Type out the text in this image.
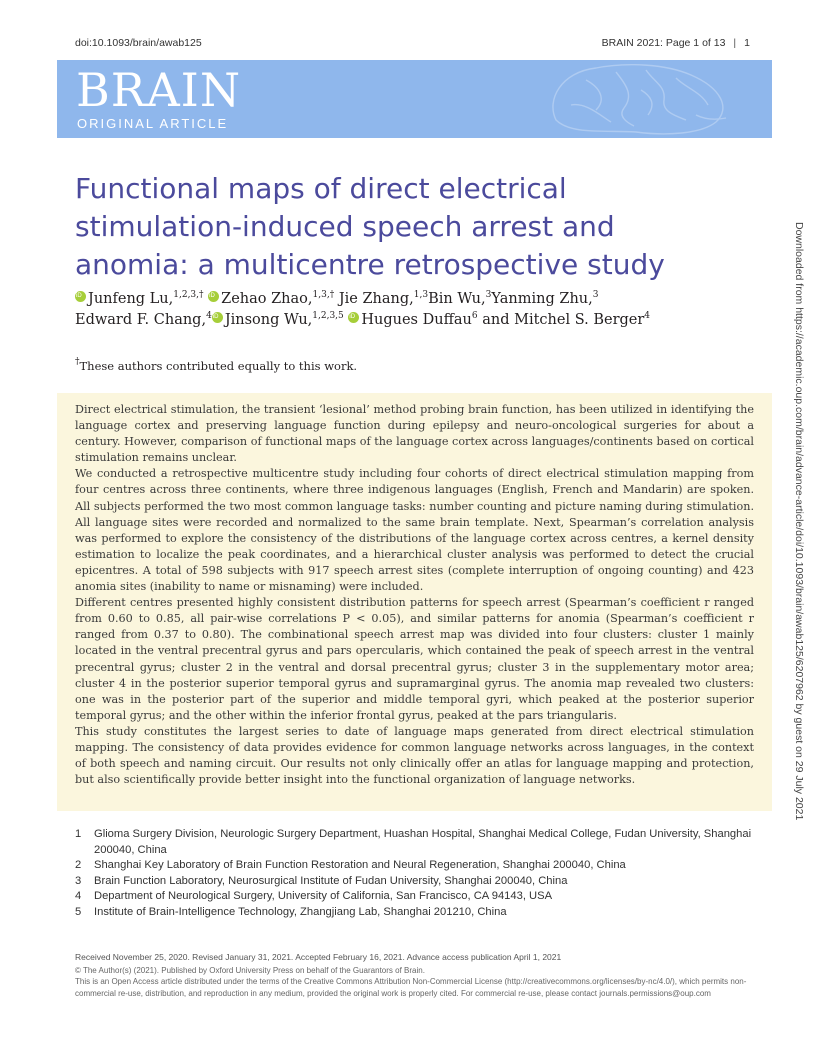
doi:10.1093/brain/awab125	BRAIN 2021: Page 1 of 13 | 1
BRAIN
ORIGINAL ARTICLE
Functional maps of direct electrical
stimulation-induced speech arrest and
anomia: a multicentre retrospective study
iDJunfeng Lu,$^{1,2,3,\dagger}$ iD Zehao Zhao,$^{1,3,\dagger}$ Jie Zhang,$^{1,3}$Bin Wu,$^3$Yanming Zhu,$^3$
Edward F. Chang,$^4$ iD Jinsong Wu,$^{1,2,3,5}$ iD Hugues Duffau$^6$ and Mitchel S. Berger$^4$
†These authors contributed equally to this work.

Direct electrical stimulation, the transient ‘lesional’ method probing brain function, has been utilized in identifying the language cortex and preserving language function during epilepsy and neuro-oncological surgeries for about a century. However, comparison of functional maps of the language cortex across languages/continents based on cortical stimulation remains unclear.

We conducted a retrospective multicentre study including four cohorts of direct electrical stimulation mapping from four centres across three continents, where three indigenous languages (English, French and Mandarin) are spoken. All subjects performed the two most common language tasks: number counting and picture naming during stimulation. All language sites were recorded and normalized to the same brain template. Next, Spearman’s correlation analysis was performed to explore the consistency of the distributions of the language cortex across centres, a kernel density estimation to localize the peak coordinates, and a hierarchical cluster analysis was performed to detect the crucial epicentres. A total of 598 subjects with 917 speech arrest sites (complete interruption of ongoing counting) and 423 anomia sites (inability to name or misnaming) were included.

Different centres presented highly consistent distribution patterns for speech arrest (Spearman’s coefficient r ranged from 0.60 to 0.85, all pair-wise correlations P < 0.05), and similar patterns for anomia (Spearman’s coefficient r ranged from 0.37 to 0.80). The combinational speech arrest map was divided into four clusters: cluster 1 mainly located in the ventral precentral gyrus and pars opercularis, which contained the peak of speech arrest in the ventral precentral gyrus; cluster 2 in the ventral and dorsal precentral gyrus; cluster 3 in the supplementary motor area; cluster 4 in the posterior superior temporal gyrus and supramarginal gyrus. The anomia map revealed two clusters: one was in the posterior part of the superior and middle temporal gyri, which peaked at the posterior superior temporal gyrus; and the other within the inferior frontal gyrus, peaked at the pars triangularis.

This study constitutes the largest series to date of language maps generated from direct electrical stimulation mapping. The consistency of data provides evidence for common language networks across languages, in the context of both speech and naming circuit. Our results not only clinically offer an atlas for language mapping and protection, but also scientifically provide better insight into the functional organization of language networks.

1 Glioma Surgery Division, Neurologic Surgery Department, Huashan Hospital, Shanghai Medical College, Fudan University, Shanghai 200040, China
2 Shanghai Key Laboratory of Brain Function Restoration and Neural Regeneration, Shanghai 200040, China
3 Brain Function Laboratory, Neurosurgical Institute of Fudan University, Shanghai 200040, China
4 Department of Neurological Surgery, University of California, San Francisco, CA 94143, USA
5 Institute of Brain-Intelligence Technology, Zhangjiang Lab, Shanghai 201210, China
Received November 25, 2020. Revised January 31, 2021. Accepted February 16, 2021. Advance access publication April 1, 2021
© The Author(s) (2021). Published by Oxford University Press on behalf of the Guarantors of Brain.
This is an Open Access article distributed under the terms of the Creative Commons Attribution Non-Commercial License (http://creativecommons.org/licenses/by-nc/4.0/), which permits non-commercial re-use, distribution, and reproduction in any medium, provided the original work is properly cited. For commercial re-use, please contact journals.permissions@oup.com
Downloaded from https://academic.oup.com/brain/advance-article/doi/10.1093/brain/awab125/6207962 by guest on 29 July 2021
